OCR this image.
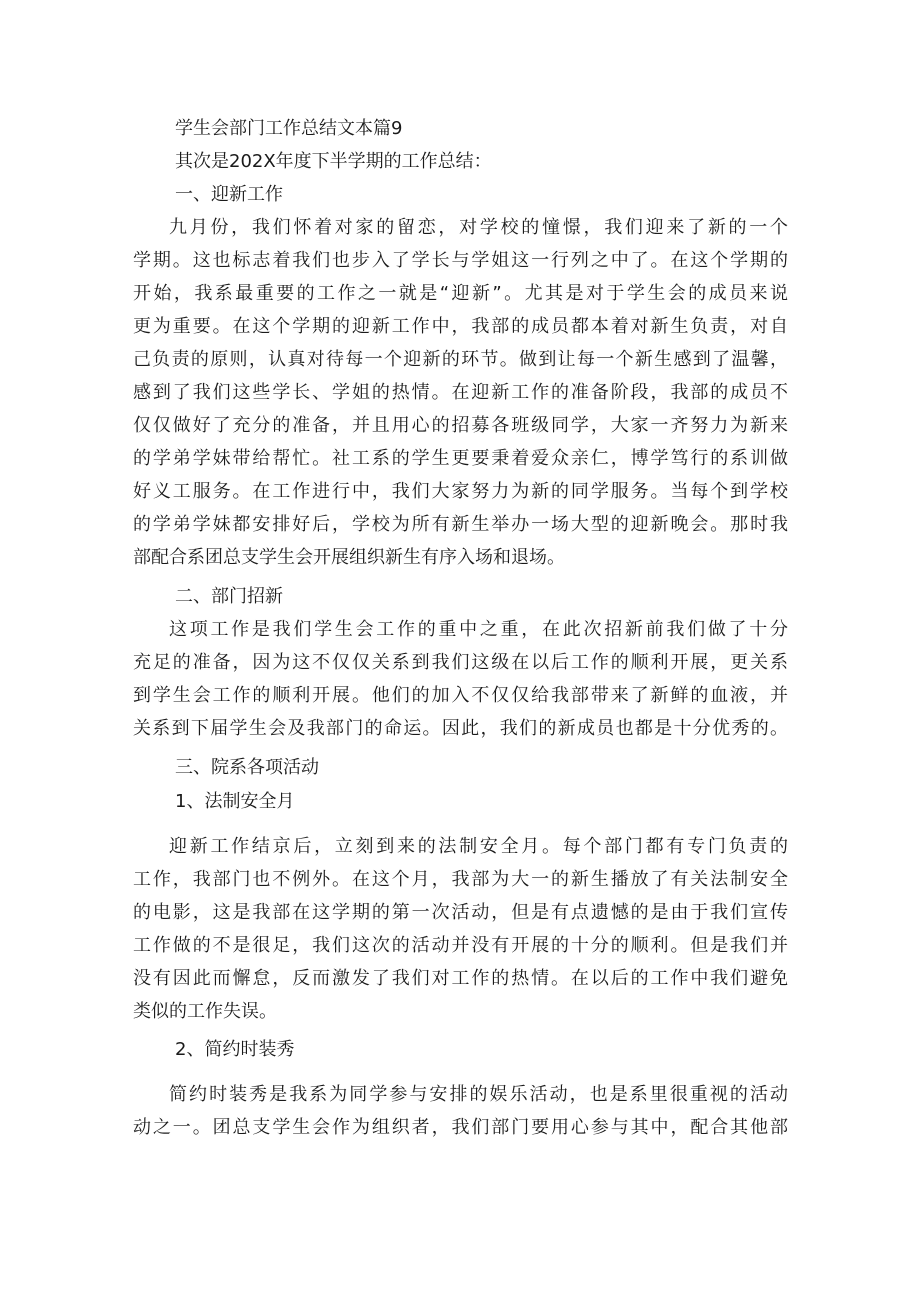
学生会部门工作总结文本篇9

其次是202X年度下半学期的工作总结：

一、迎新工作

九月份，我们怀着对家的留恋，对学校的憧憬，我们迎来了新的一个

学期。这也标志着我们也步入了学长与学姐这一行列之中了。在这个学期的

开始，我系最重要的工作之一就是“迎新”。尤其是对于学生会的成员来说

更为重要。在这个学期的迎新工作中，我部的成员都本着对新生负责，对自

己负责的原则，认真对待每一个迎新的环节。做到让每一个新生感到了温馨，

感到了我们这些学长、学姐的热情。在迎新工作的准备阶段，我部的成员不

仅仅做好了充分的准备，并且用心的招募各班级同学，大家一齐努力为新来

的学弟学妹带给帮忙。社工系的学生更要秉着爱众亲仁，博学笃行的系训做

好义工服务。在工作进行中，我们大家努力为新的同学服务。当每个到学校

的学弟学妹都安排好后，学校为所有新生举办一场大型的迎新晚会。那时我

部配合系团总支学生会开展组织新生有序入场和退场。

二、部门招新

这项工作是我们学生会工作的重中之重，在此次招新前我们做了十分

充足的准备，因为这不仅仅关系到我们这级在以后工作的顺利开展，更关系

到学生会工作的顺利开展。他们的加入不仅仅给我部带来了新鲜的血液，并

关系到下届学生会及我部门的命运。因此，我们的新成员也都是十分优秀的。

三、院系各项活动

1、法制安全月

迎新工作结京后，立刻到来的法制安全月。每个部门都有专门负责的

工作，我部门也不例外。在这个月，我部为大一的新生播放了有关法制安全

的电影，这是我部在这学期的第一次活动，但是有点遗憾的是由于我们宣传

工作做的不是很足，我们这次的活动并没有开展的十分的顺利。但是我们并

没有因此而懈怠，反而激发了我们对工作的热情。在以后的工作中我们避免

类似的工作失误。

2、简约时装秀

简约时装秀是我系为同学参与安排的娱乐活动，也是系里很重视的活动

动之一。团总支学生会作为组织者，我们部门要用心参与其中，配合其他部
